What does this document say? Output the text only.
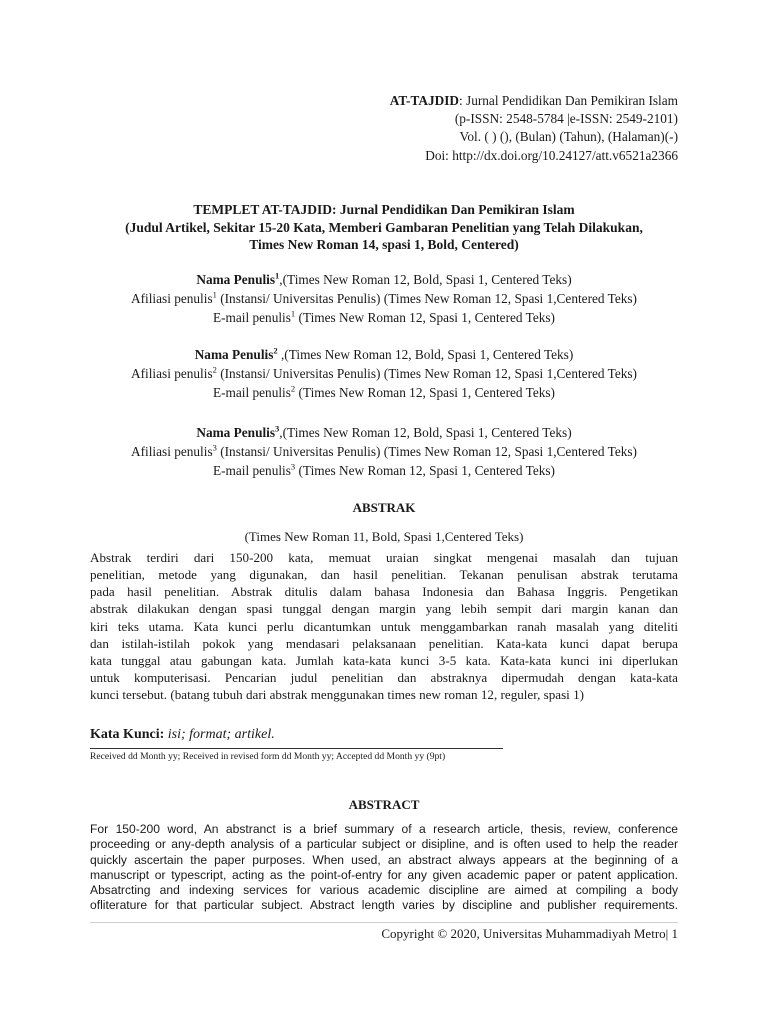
AT-TAJDID: Jurnal Pendidikan Dan Pemikiran Islam
(p-ISSN: 2548-5784 |e-ISSN: 2549-2101)
Vol. ( ) (), (Bulan) (Tahun), (Halaman)(-)
Doi: http://dx.doi.org/10.24127/att.v6521a2366
TEMPLET AT-TAJDID: Jurnal Pendidikan Dan Pemikiran Islam
(Judul Artikel, Sekitar 15-20 Kata, Memberi Gambaran Penelitian yang Telah Dilakukan,
Times New Roman 14, spasi 1, Bold, Centered)
Nama Penulis$^1$,(Times New Roman 12, Bold, Spasi 1, Centered Teks)
Afiliasi penulis$^1$ (Instansi/ Universitas Penulis) (Times New Roman 12, Spasi 1,Centered Teks)
E-mail penulis$^1$ (Times New Roman 12, Spasi 1, Centered Teks)
Nama Penulis$^2$ ,(Times New Roman 12, Bold, Spasi 1, Centered Teks)
Afiliasi penulis$^2$ (Instansi/ Universitas Penulis) (Times New Roman 12, Spasi 1,Centered Teks)
E-mail penulis$^2$ (Times New Roman 12, Spasi 1, Centered Teks)
Nama Penulis$^3$,(Times New Roman 12, Bold, Spasi 1, Centered Teks)
Afiliasi penulis$^3$ (Instansi/ Universitas Penulis) (Times New Roman 12, Spasi 1,Centered Teks)
E-mail penulis$^3$ (Times New Roman 12, Spasi 1, Centered Teks)
ABSTRAK
(Times New Roman 11, Bold, Spasi 1,Centered Teks)
Abstrak terdiri dari 150-200 kata, memuat uraian singkat mengenai masalah dan tujuan
penelitian, metode yang digunakan, dan hasil penelitian. Tekanan penulisan abstrak terutama
pada hasil penelitian. Abstrak ditulis dalam bahasa Indonesia dan Bahasa Inggris. Pengetikan
abstrak dilakukan dengan spasi tunggal dengan margin yang lebih sempit dari margin kanan dan
kiri teks utama. Kata kunci perlu dicantumkan untuk menggambarkan ranah masalah yang diteliti
dan istilah-istilah pokok yang mendasari pelaksanaan penelitian. Kata-kata kunci dapat berupa
kata tunggal atau gabungan kata. Jumlah kata-kata kunci 3-5 kata. Kata-kata kunci ini diperlukan
untuk komputerisasi. Pencarian judul penelitian dan abstraknya dipermudah dengan kata-kata
kunci tersebut. (batang tubuh dari abstrak menggunakan times new roman 12, reguler, spasi 1)
Kata Kunci: isi; format; artikel.
Received dd Month yy; Received in revised form dd Month yy; Accepted dd Month yy (9pt)
ABSTRACT
For 150-200 word, An abstranct is a brief summary of a research article, thesis, review, conference
proceeding or any-depth analysis of a particular subject or disipline, and is often used to help the reader
quickly ascertain the paper purposes. When used, an abstract always appears at the beginning of a
manuscript or typescript, acting as the point-of-entry for any given academic paper or patent application.
Absatrcting and indexing services for various academic discipline are aimed at compiling a body
ofliterature for that particular subject. Abstract length varies by discipline and publisher requirements.
Copyright © 2020, Universitas Muhammadiyah Metro| 1
